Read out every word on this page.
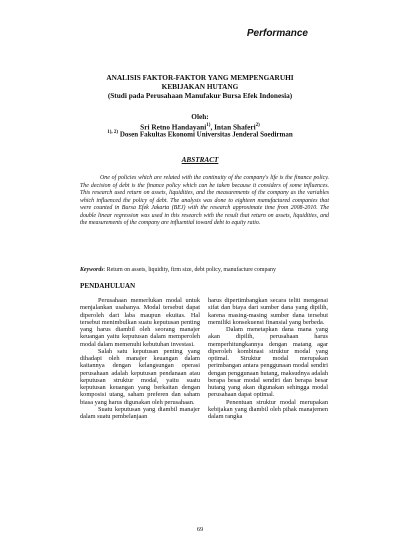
Performance
ANALISIS FAKTOR-FAKTOR YANG MEMPENGARUHI
KEBIJAKAN HUTANG
(Studi pada Perusahaan Manufakur Bursa Efek Indonesia)
Oleh:
Sri Retno Handayani$^{1)}$, Intan Shaferi$^{2)}$
$^{1), 2)}$ Dosen Fakultas Ekonomi Universitas Jenderal Soedirman
ABSTRACT

One of policies which are related with the continuity of the company's life is the finance policy. The decision of debt is the finance policy which can be taken because it considers of some influences. This research used return on assets, liquidities, and the measurements of the company as the variables which influenced the policy of debt. The analysis was done to eighteen manufactured companies that were counted in Bursa Efek Jakarta (BEJ) with the research approximate time from 2008-2010. The double linear regression was used in this research with the result that return on assets, liquidities, and the measurements of the company are influential toward debt to equity ratio.

Keywords: Return on assets, liquidity, firm size, debt policy, manufacture company

PENDAHULUAN

Perusahaan memerlukan modal untuk menjalankan usahanya. Modal tersebut dapat diperoleh dari laba maupun ekuitas. Hal tersebut menimbulkan suatu keputusan penting yang harus diambil oleh seorang manajer keuangan yaitu keputusan dalam memperoleh modal dalam memenuhi kebutuhan investasi.

Salah satu keputusan penting yang dihadapi oleh manajer keuangan dalam kaitannya dengan kelangsungan operasi perusahaan adalah keputusan pendanaan atau keputusan struktur modal, yaitu suatu keputusan keuangan yang berkaitan dengan komposisi utang, saham preferen dan saham biasa yang harus digunakan oleh perusahaan.

Suatu keputusan yang diambil manajer dalam suatu pembelanjaan

harus dipertimbangkan secara teliti mengenai sifat dan biaya dari sumber dana yang dipilih, karena masing-masing sumber dana tersebut memiliki konsekuensi finansial yang berbeda.

Dalam menetapkan dana mana yang akan dipilih, perusahaan harus memperhitungkannya dengan matang agar diperoleh kombinasi struktur modal yang optimal. Struktur modal merupakan perimbangan antara penggunaan modal sendiri dengan penggunaan hutang, maksudnya adalah berapa besar modal sendiri dan berapa besar hutang yang akan digunakan sehingga modal perusahaan dapat optimal.

Penentuan struktur modal merupakan kebijakan yang diambil oleh pihak manajemen dalam rangka

69
